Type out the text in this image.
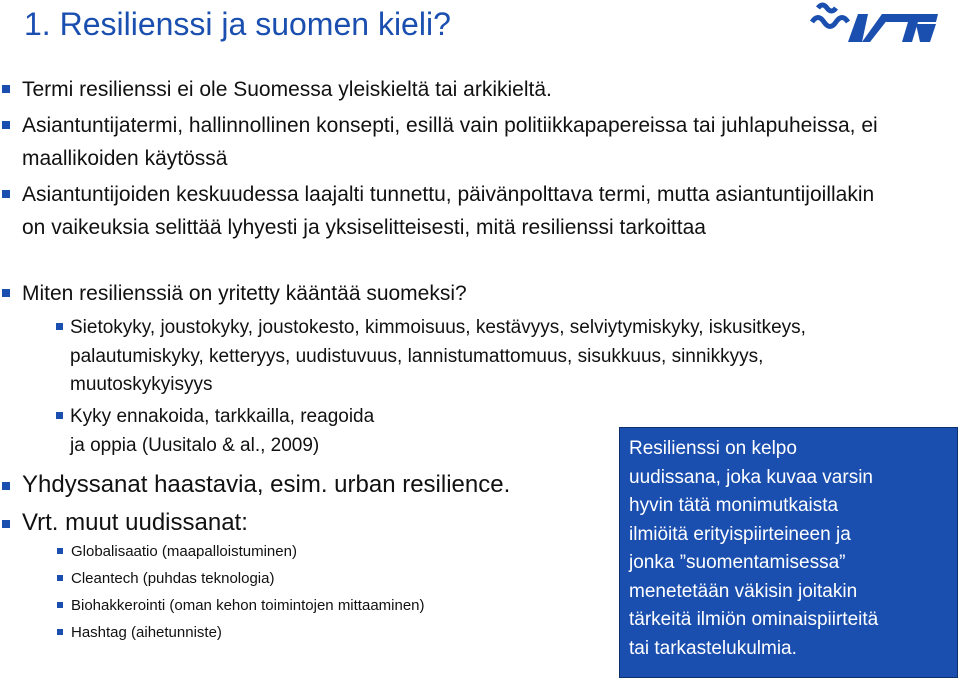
1. Resilienssi ja suomen kieli?
Termi resilienssi ei ole Suomessa yleiskieltä tai arkikieltä.
Asiantuntijatermi, hallinnollinen konsepti, esillä vain politiikkapapereissa tai juhlapuheissa, ei maallikoiden käytössä
Asiantuntijoiden keskuudessa laajalti tunnettu, päivänpolttava termi, mutta asiantuntijoillakin on vaikeuksia selittää lyhyesti ja yksiselitteisesti, mitä resilienssi tarkoittaa
Miten resilienssiä on yritetty kääntää suomeksi?
Sietokyky, joustokyky, joustokesto, kimmoisuus, kestävyys, selviytymiskyky, iskusitkeys, palautumiskyky, ketteryys, uudistuvuus, lannistumattomuus, sisukkuus, sinnikkyys, muutoskykyisyys
Kyky ennakoida, tarkkailla, reagoida
ja oppia (Uusitalo & al., 2009)
Yhdyssanat haastavia, esim. urban resilience.
Vrt. muut uudissanat:
Globalisaatio (maapalloistuminen)
Cleantech (puhdas teknologia)
Biohakkerointi (oman kehon toimintojen mittaaminen)
Hashtag (aihetunniste)
Resilienssi on kelpo
uudissana, joka kuvaa varsin
hyvin tätä monimutkaista
ilmiöitä erityispiirteineen ja
jonka ”suomentamisessa”
menetetään väkisin joitakin
tärkeitä ilmiön ominaispiirteitä
tai tarkastelukulmia.
